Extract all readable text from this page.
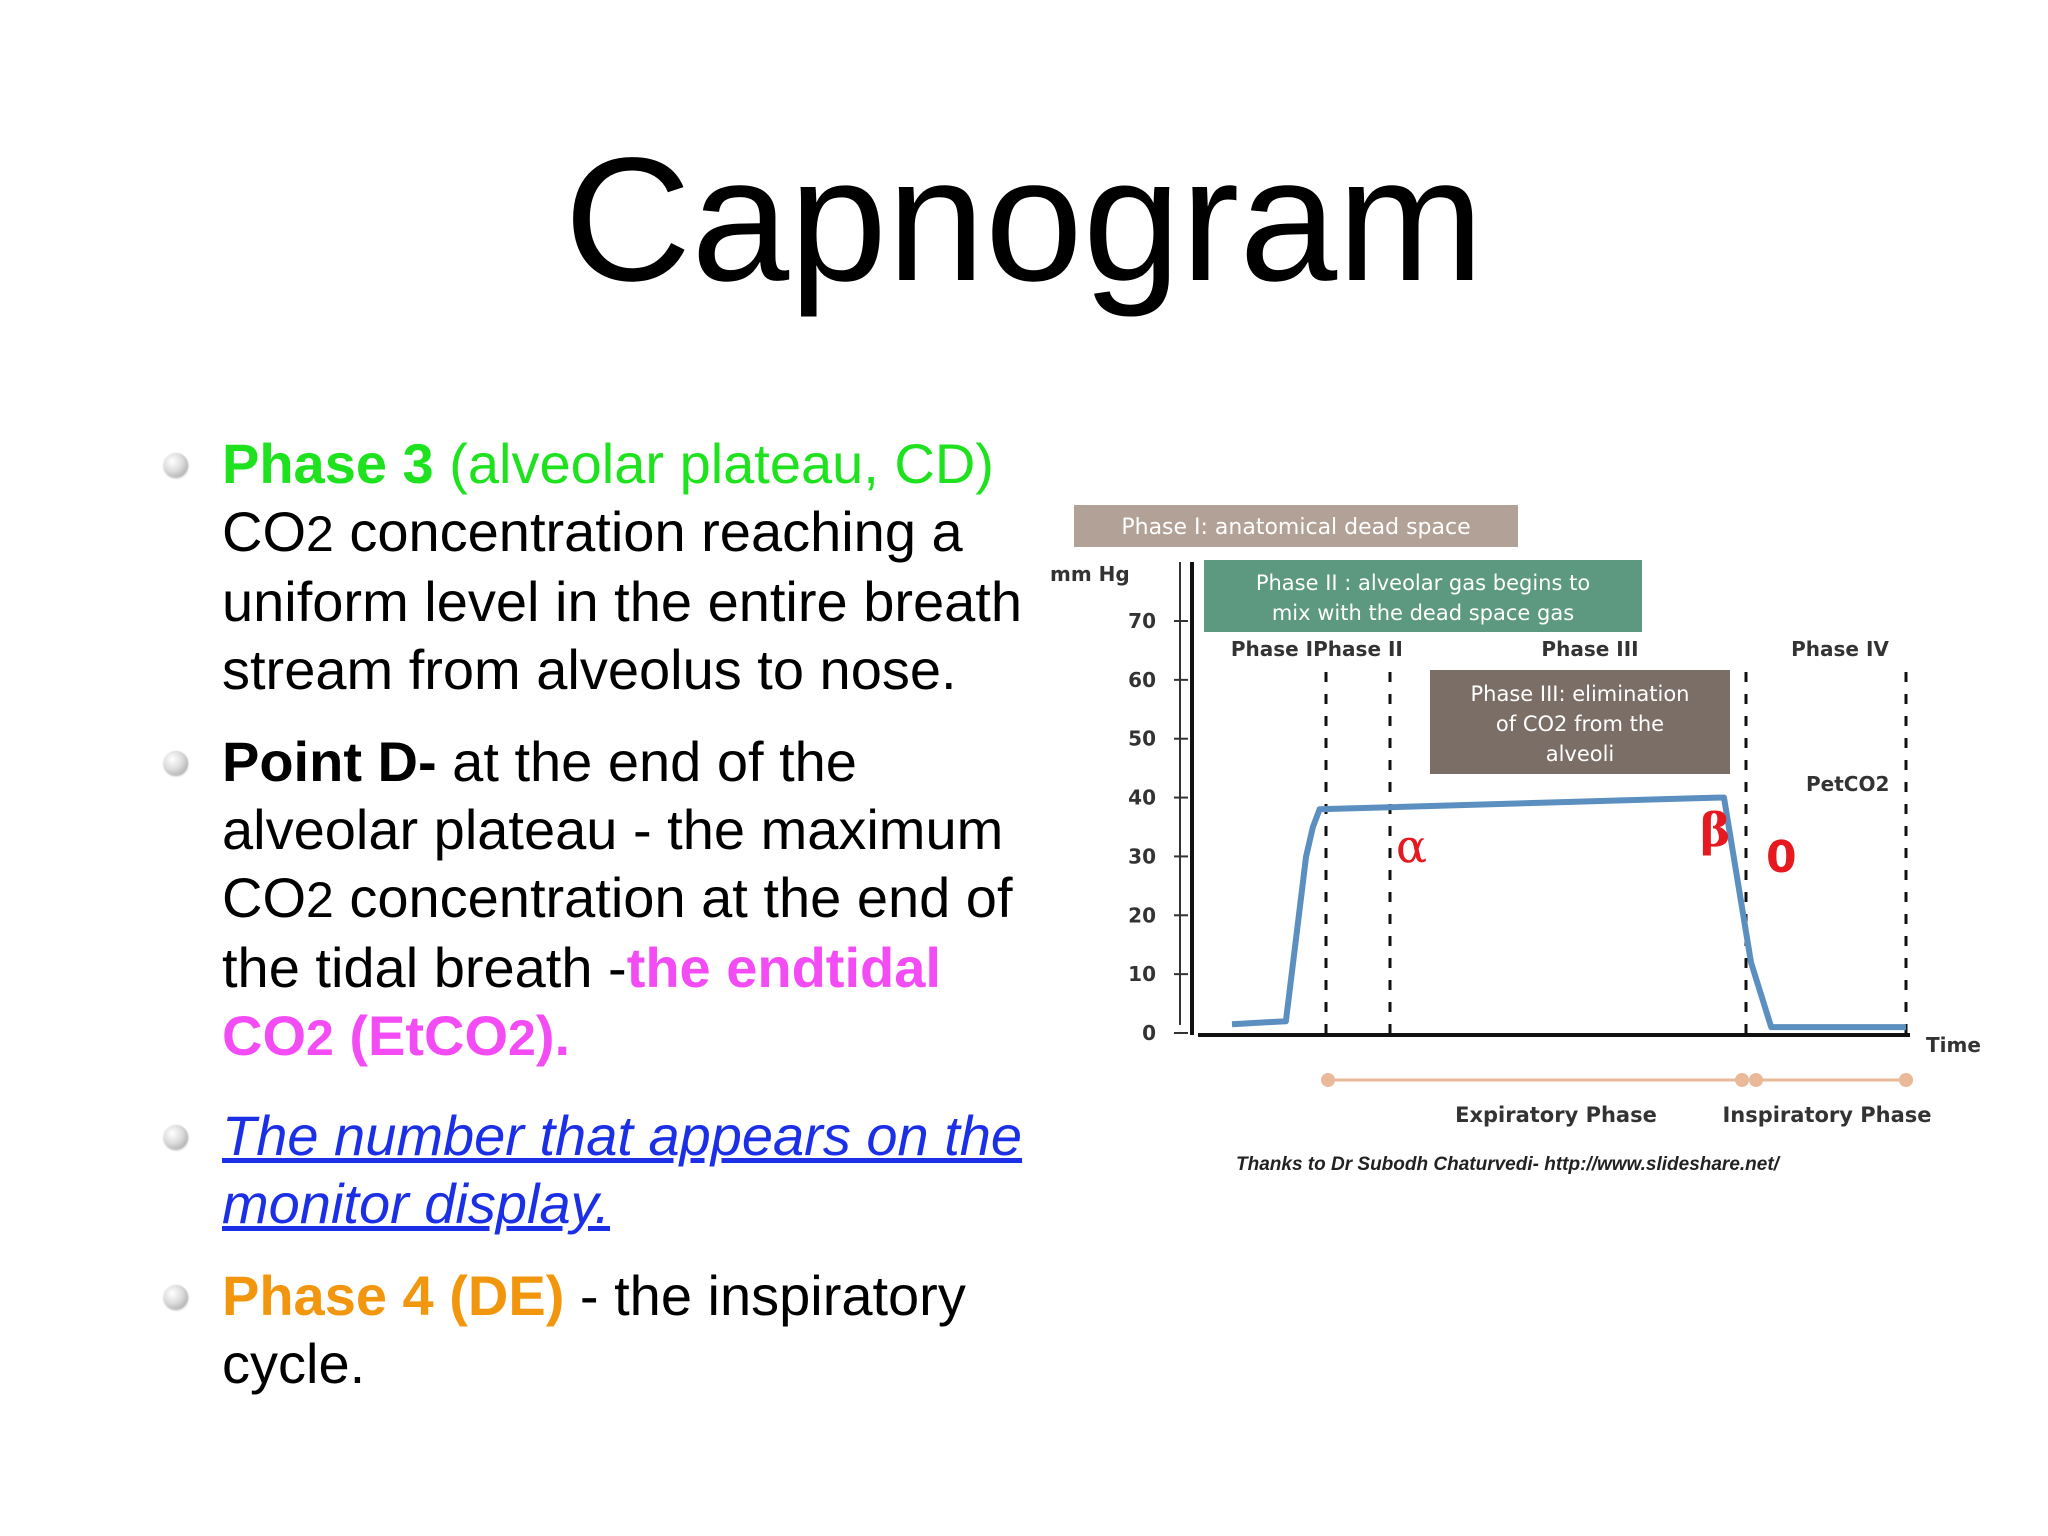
Capnogram
Phase 3 (alveolar plateau, CD)
CO2 concentration reaching a uniform level in the entire breath stream from alveolus to nose.
Point D- at the end of the alveolar plateau - the maximum CO2 concentration at the end of the tidal breath -the endtidal CO2 (EtCO2).
The number that appears on the monitor display.
Phase 4 (DE) - the inspiratory cycle.
Phase I: anatomical dead space
Phase II : alveolar gas begins to
mix with the dead space gas
Phase III: elimination
of CO2 from the
alveoli
mm Hg
0
10
20
30
40
50
60
70
Time
Phase I Phase II	Phase III	Phase IV
PetCO2
α	β
0
Expiratory Phase	Inspiratory Phase
Thanks to Dr Subodh Chaturvedi- http://www.slideshare.net/
